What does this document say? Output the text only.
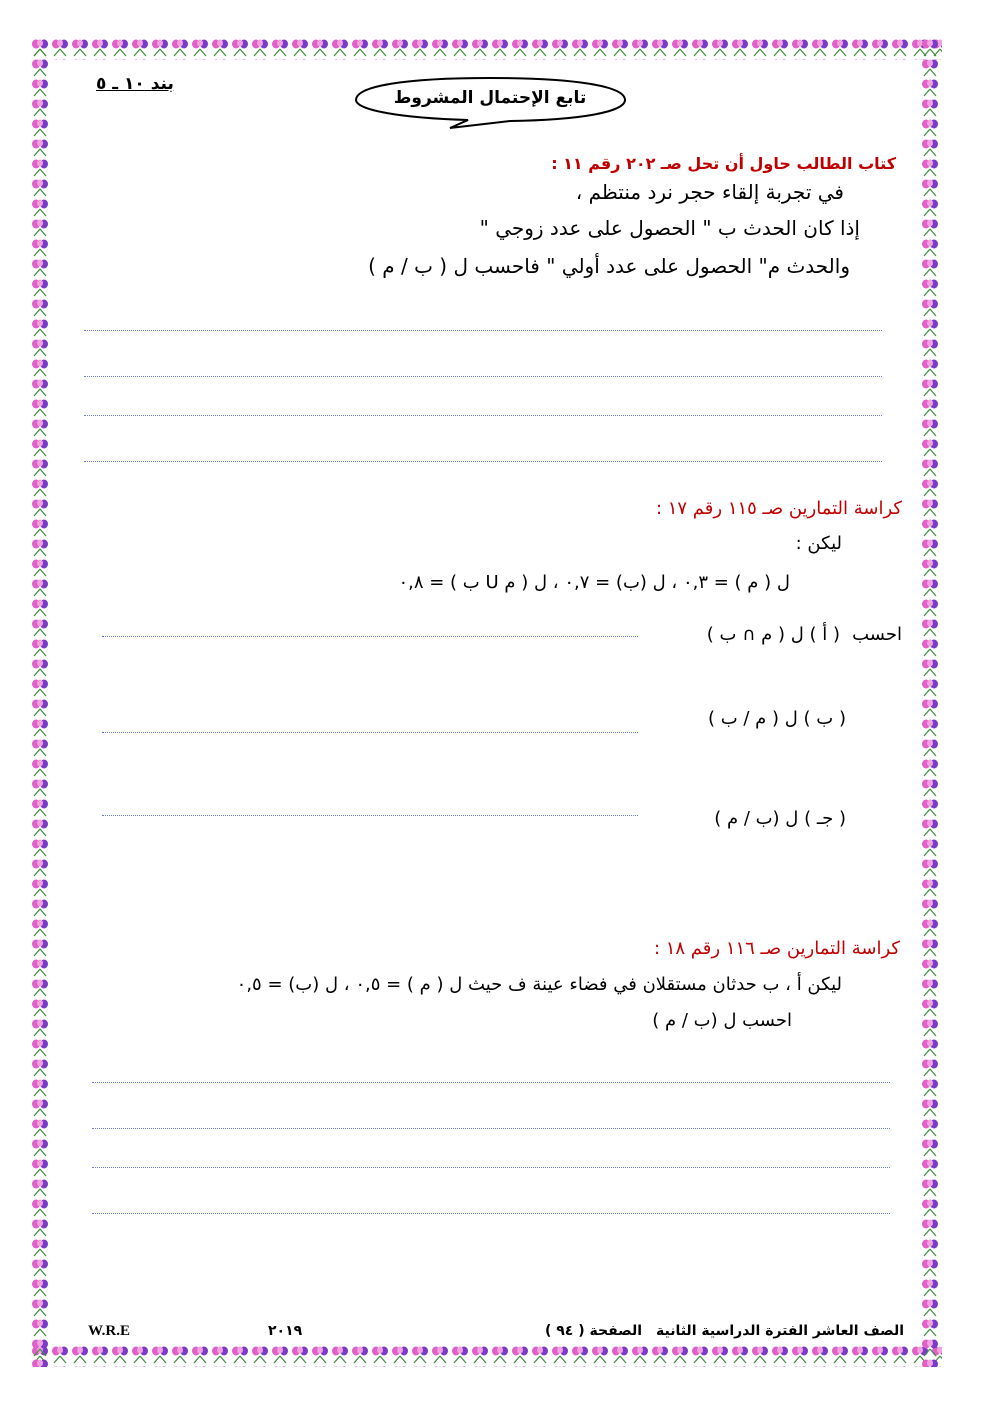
بند ١٠ ـ ٥
تابع الإحتمال المشروط
كتاب الطالب حاول أن تحل صـ ٢٠٢ رقم ١١ :
في تجربة إلقاء حجر نرد منتظم ،
إذا كان الحدث ب " الحصول على عدد زوجي "
والحدث م" الحصول على عدد أولي " فاحسب ل ( ب / م )
كراسة التمارين صـ ١١٥ رقم ١٧ :
ليكن :
ل ( م ) = ٠,٣ ، ل (ب) = ٠,٧ ، ل ( م U ب ) = ٠,٨
احسب
( أ ) ل ( م ∩ ب )
( ب ) ل ( م / ب )
( جـ ) ل (ب / م )
كراسة التمارين صـ ١١٦ رقم ١٨ :
ليكن أ ، ب حدثان مستقلان في فضاء عينة ف حيث ل ( م ) = ٠,٥ ، ل (ب) = ٠,٥
احسب ل (ب / م )
الصف العاشر الفترة الدراسية الثانية
الصفحة ( ٩٤ )
٢٠١٩
W.R.E
